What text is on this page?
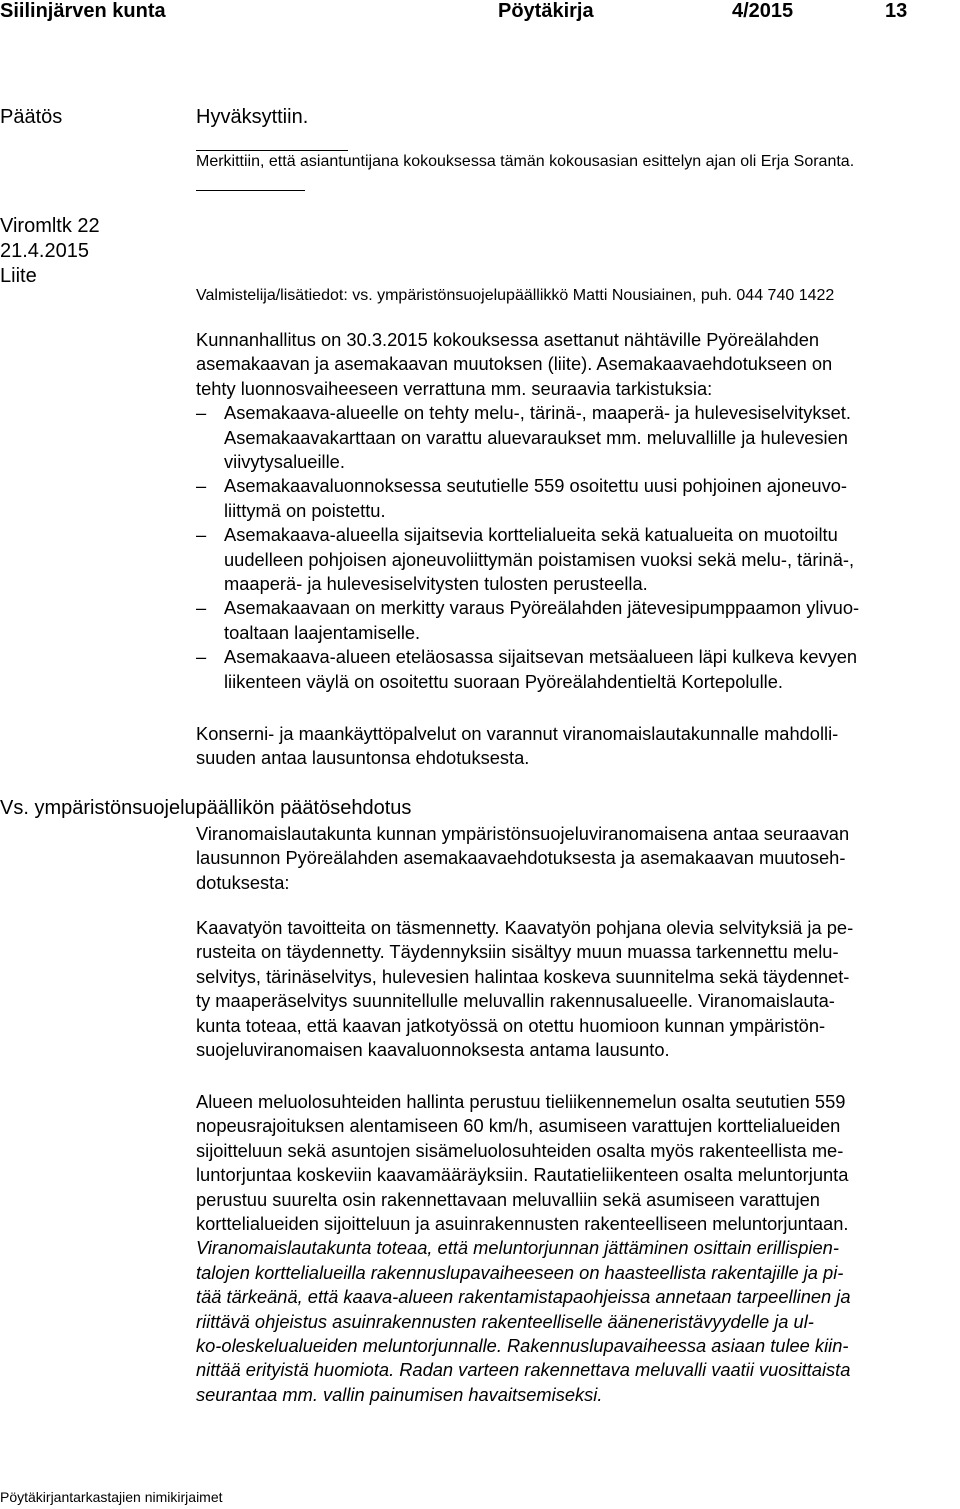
Siilinjärven kunta	Pöytäkirja	4/2015	13
Päätös	Hyväksyttiin.
Merkittiin, että asiantuntijana kokouksessa tämän kokousasian esittelyn ajan oli Erja Soranta.
Viromltk 22
21.4.2015
Liite
Valmistelija/lisätiedot: vs. ympäristönsuojelupäällikkö Matti Nousiainen, puh. 044 740 1422

Kunnanhallitus on 30.3.2015 kokouksessa asettanut nähtäville Pyöreälahden

asemakaavan ja asemakaavan muutoksen (liite). Asemakaavaehdotukseen on

tehty luonnosvaiheeseen verrattuna mm. seuraavia tarkistuksia:

– Asemakaava-alueelle on tehty melu-, tärinä-, maaperä- ja hulevesiselvitykset.

Asemakaavakarttaan on varattu aluevaraukset mm. meluvallille ja hulevesien

viivytysalueille.

– Asemakaavaluonnoksessa seututielle 559 osoitettu uusi pohjoinen ajoneuvo-

liittymä on poistettu.

– Asemakaava-alueella sijaitsevia korttelialueita sekä katualueita on muotoiltu

uudelleen pohjoisen ajoneuvoliittymän poistamisen vuoksi sekä melu-, tärinä-,

maaperä- ja hulevesiselvitysten tulosten perusteella.

– Asemakaavaan on merkitty varaus Pyöreälahden jätevesipumppaamon ylivuo-

toaltaan laajentamiselle.

– Asemakaava-alueen eteläosassa sijaitsevan metsäalueen läpi kulkeva kevyen

liikenteen väylä on osoitettu suoraan Pyöreälahdentieltä Kortepolulle.

Konserni- ja maankäyttöpalvelut on varannut viranomaislautakunnalle mahdolli-

suuden antaa lausuntonsa ehdotuksesta.

Vs. ympäristönsuojelupäällikön päätösehdotus

Viranomaislautakunta kunnan ympäristönsuojeluviranomaisena antaa seuraavan

lausunnon Pyöreälahden asemakaavaehdotuksesta ja asemakaavan muutoseh-

dotuksesta:

Kaavatyön tavoitteita on täsmennetty. Kaavatyön pohjana olevia selvityksiä ja pe-

rusteita on täydennetty. Täydennyksiin sisältyy muun muassa tarkennettu melu-

selvitys, tärinäselvitys, hulevesien halintaa koskeva suunnitelma sekä täydennet-

ty maaperäselvitys suunnitellulle meluvallin rakennusalueelle. Viranomaislauta-

kunta toteaa, että kaavan jatkotyössä on otettu huomioon kunnan ympäristön-

suojeluviranomaisen kaavaluonnoksesta antama lausunto.

Alueen meluolosuhteiden hallinta perustuu tieliikennemelun osalta seututien 559

nopeusrajoituksen alentamiseen 60 km/h, asumiseen varattujen korttelialueiden

sijoitteluun sekä asuntojen sisämeluolosuhteiden osalta myös rakenteellista me-

luntorjuntaa koskeviin kaavamääräyksiin. Rautatieliikenteen osalta meluntorjunta

perustuu suurelta osin rakennettavaan meluvalliin sekä asumiseen varattujen

korttelialueiden sijoitteluun ja asuinrakennusten rakenteelliseen meluntorjuntaan.

Viranomaislautakunta toteaa, että meluntorjunnan jättäminen osittain erillispien-

talojen korttelialueilla rakennuslupavaiheeseen on haasteellista rakentajille ja pi-

tää tärkeänä, että kaava-alueen rakentamistapaohjeissa annetaan tarpeellinen ja

riittävä ohjeistus asuinrakennusten rakenteelliselle ääneneristävyydelle ja ul-

ko-oleskelualueiden meluntorjunnalle. Rakennuslupavaiheessa asiaan tulee kiin-

nittää erityistä huomiota. Radan varteen rakennettava meluvalli vaatii vuosittaista

seurantaa mm. vallin painumisen havaitsemiseksi.

Pöytäkirjantarkastajien nimikirjaimet
